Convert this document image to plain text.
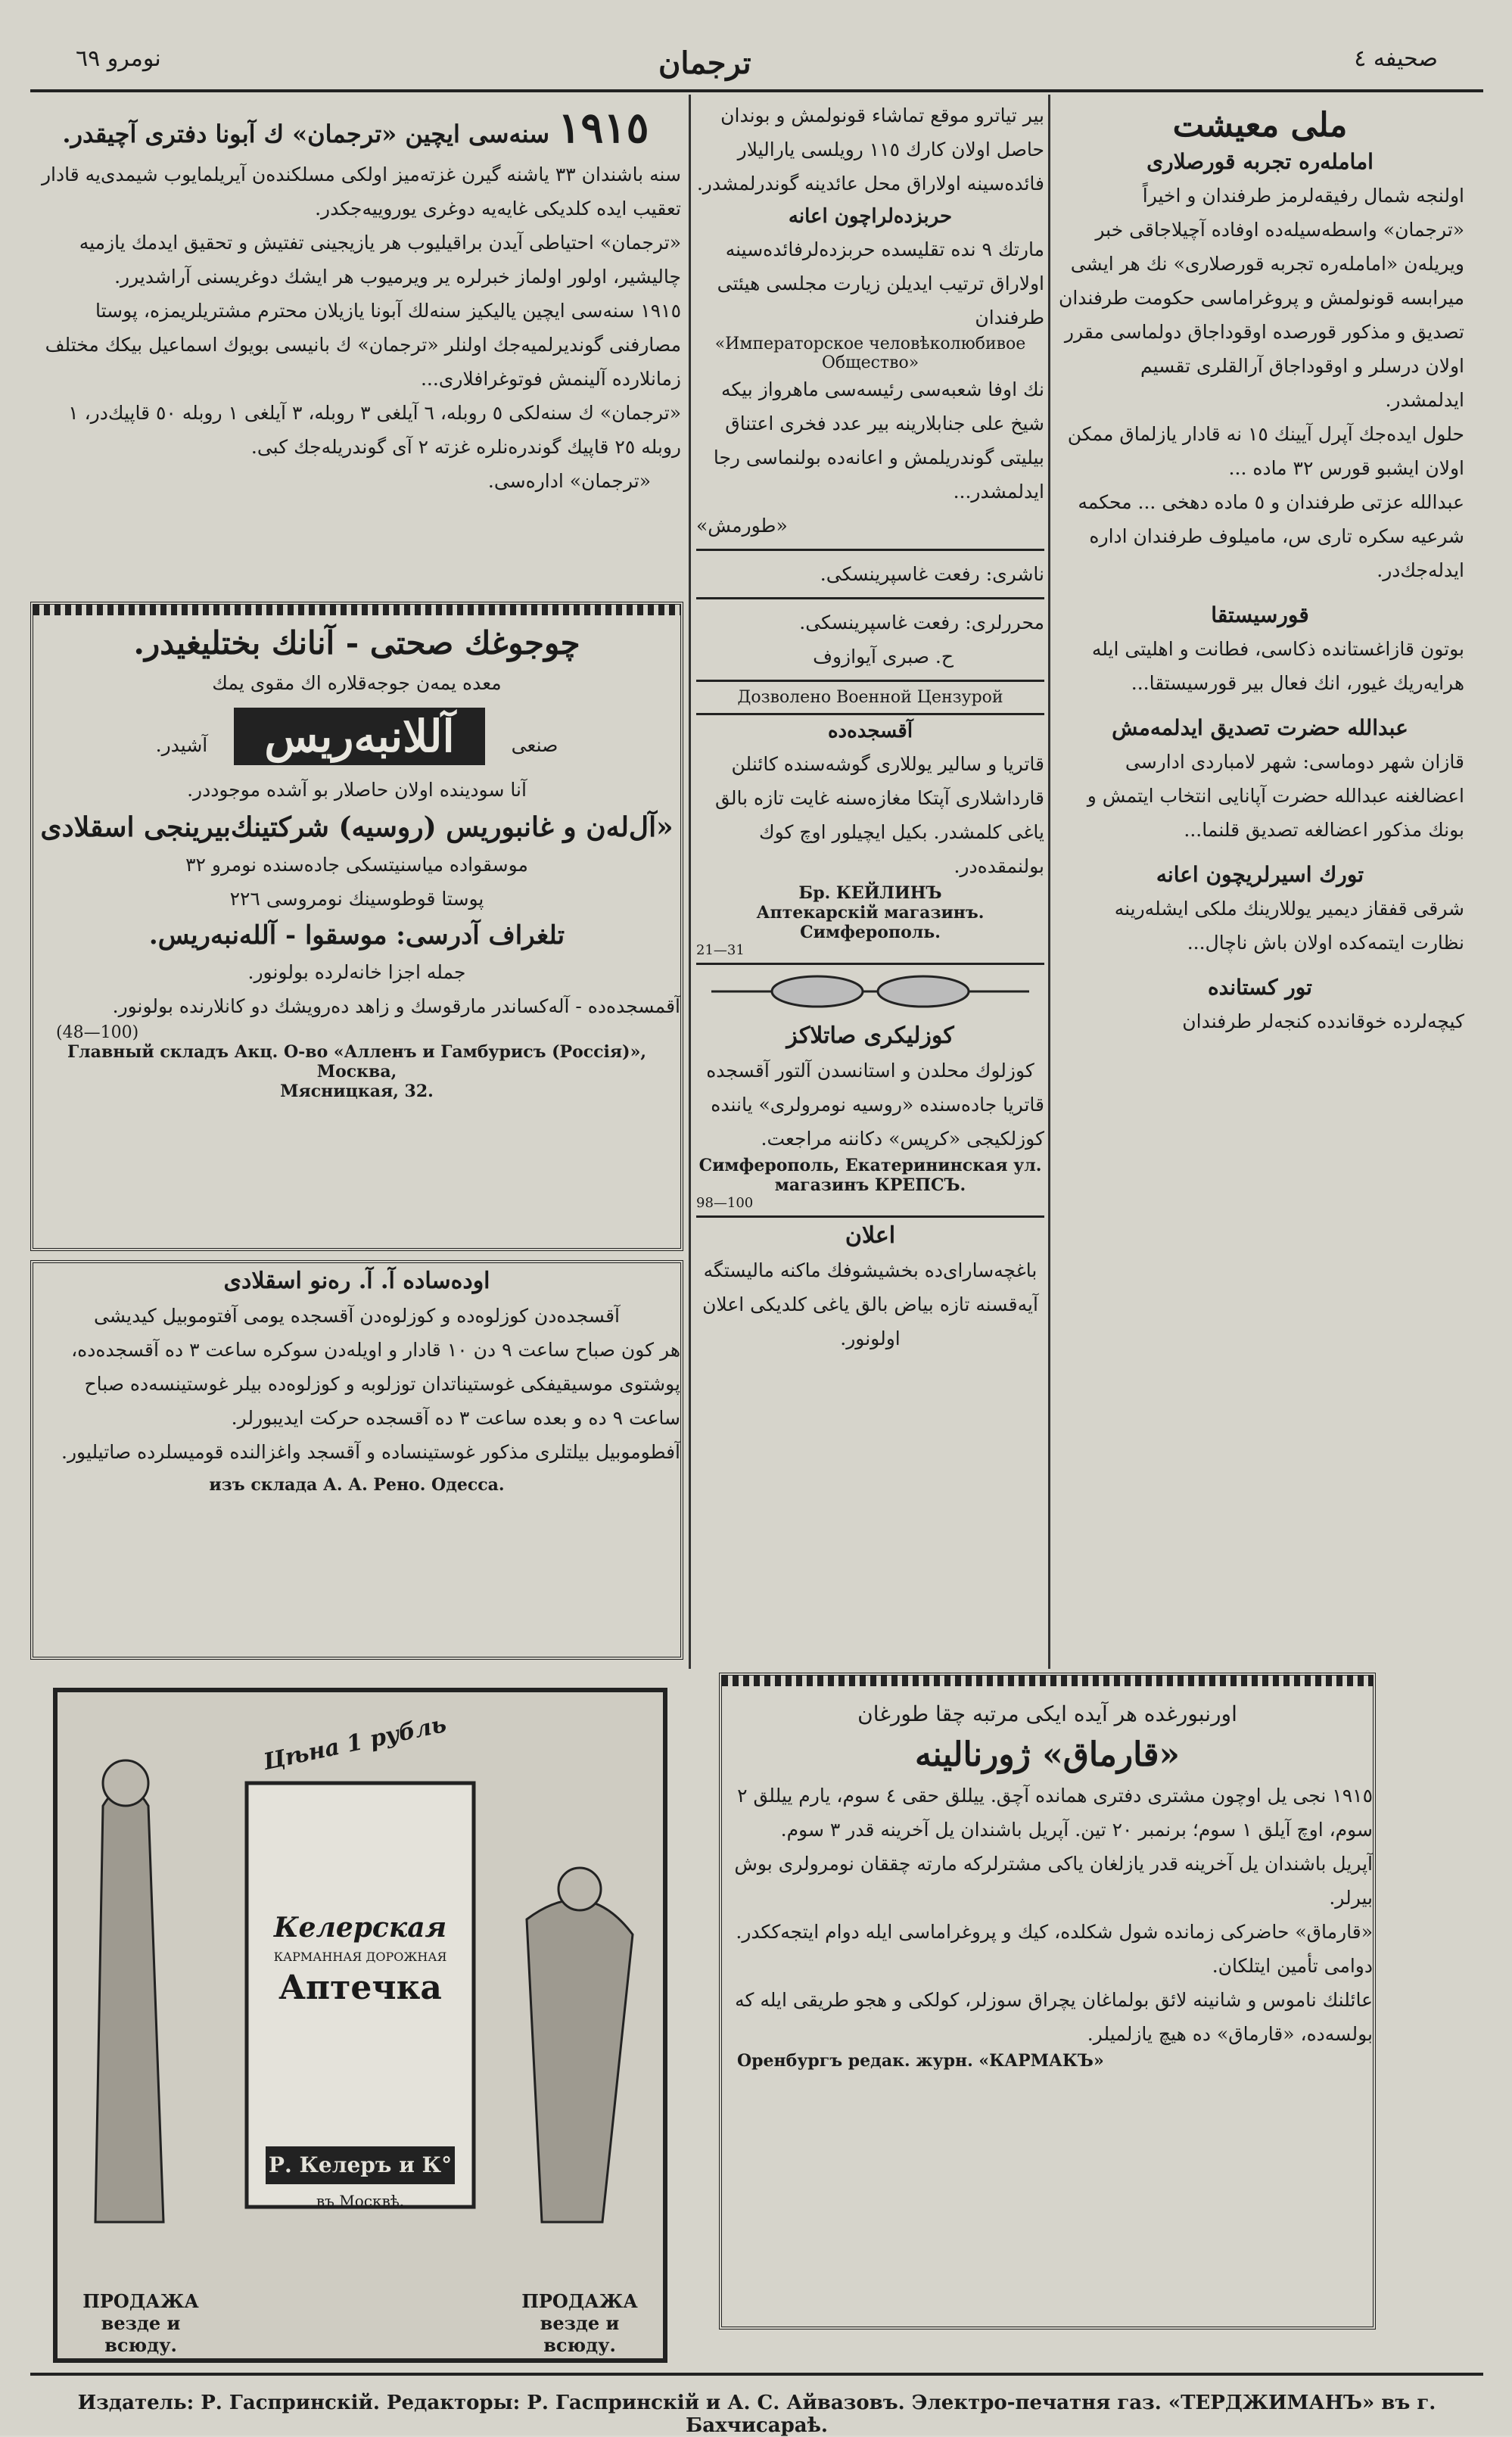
نومرو ٦٩	ترجمان	صحيفه ٤

ملی معیشت

امامله‌ره تجربه قورصلاری

اولنجه شمال رفیقه‌لرمز طرفندان و اخیراً «ترجمان» واسطه‌سیله‌ده اوفاده آچیلاجاقی خبر ویریله‌ن «امامله‌ره تجربه قورصلاری» نك هر ایشی میرابسه قونولمش و پروغراماسی حکومت طرفندان تصدیق و مذکور قورصده اوقوداجاق دولماسی مقرر اولان درسلر و اوقوداجاق آرالقلری تقسیم ایدلمشدر.

حلول ایده‌جك آپرل آیینك ١٥ نه قادار یازلماق ممکن اولان ایشبو قورس ٣٢ ماده ...

عبدالله عزتی طرفندان و ٥ ماده دهخی ... محکمه شرعیه سکره تاری س، مامیلوف طرفندان اداره ایدله‌جك‌در.

قورسیستقا

بوتون قازاغستانده ذکاسی، فطانت و اهلیتی ایله هرایه‌ریك غیور، انك فعال بیر قورسیستقا...

عبدالله حضرت تصدیق ایدلمه‌مش

قازان شهر دوماسی: شهر لامباردی ادارسی اعضالغنه عبدالله حضرت آپانایی انتخاب ایتمش و بونك مذکور اعضالغه تصدیق قلنما...

تورك اسیرلریچون اعانه

شرقی قفقاز دیمیر یوللارینك ملکی ایشله‌رینه نظارت ایتمه‌کده اولان باش ناچال...

تور کستانده

کیچه‌لرده خوقاندده کنجه‌لر طرفندان

بیر تیاترو موقع تماشاء قونولمش و بوندان حاصل اولان کارك ١١٥ رویلسی یارالیلار فائده‌سینه اولاراق محل عائدینه گوندرلمشدر.

حربزده‌لراچون اعانه

مارتك ٩ نده تقلیسده حربزده‌لرفائده‌سینه اولاراق ترتیب ایدیلن زیارت مجلسی هیئتی طرفندان

«Императорское человѣколюбивое Общество»

نك اوفا شعبه‌سی رئیسه‌سی ماهرواز بیکه شیخ علی جنابلارینه بیر عدد فخری اعتناق بیلیتی گوندریلمش و اعانه‌ده بولنماسی رجا ایدلمشدر...

«طورمش»

ناشری: رفعت غاسپرینسکی.

محررلری: رفعت غاسپرینسکی.

ح. صبری آیوازوف

Дозволено Военной Цензурой

آقسجده‌ده

قاتریا و سالیر یوللاری گوشه‌سنده کائنلن قارداشلاری آپتکا مغازه‌سنه غایت تازه بالق یاغی کلمشدر. بکیل ایچیلور اوچ کوك بولنمقده‌در.

Бр. КЕЙЛИНЪ

Аптекарскій магазинъ. Симферополь.

21—31

کوزلیکری صاتلاکز

کوزلوك محلدن و استانسدن آلتور آقسجده

قاتریا جاده‌سنده «روسیه نومرولری» یاننده کوزلکیجی «کرپس» دکاننه مراجعت.

Симферополь, Екатерининская ул. магазинъ КРЕПСЪ.

98—100

اعلان

باغچه‌سارای‌ده بخشیشوفك ماکنه مالیستگه آیه‌قسنه تازه بیاض بالق یاغی کلدیکی اعلان اولونور.

١٩١٥ سنه‌سی ایچین «ترجمان» ك آبونا دفتری آچیقدر.

سنه باشندان ٣٣ یاشنه گیرن غزته‌میز اولکی مسلکنده‌ن آیریلمایوب شیمدی‌یه قادار تعقیب ایده کلدیکی غایه‌یه دوغری یوروییه‌جکدر.

«ترجمان» احتیاطی آیدن براقیلیوب هر یازیجینی تفتیش و تحقیق ایدمك یازمیه چالیشیر، اولور اولماز خبرلره یر ویرمیوب هر ایشك دوغریسنی آراشدیرر.

١٩١٥ سنه‌سی ایچین یالیکیز سنه‌لك آبونا یازیلان محترم مشتریلریمزه، پوستا مصارفنی گوندیرلمیه‌جك اولنلر «ترجمان» ك بانیسی بویوك اسماعیل بیکك مختلف زمانلارده آلینمش فوتوغرافلاری...

«ترجمان» ك سنه‌لکی ٥ روبله، ٦ آیلغی ٣ روبله، ٣ آیلغی ١ روبله ٥٠ قاپیك‌در، ١ روبله ٢٥ قاپیك گوندره‌نلره غزته ٢ آی گوندریله‌جك کبی.

«ترجمان» اداره‌سی.

چوجوغك صحتی - آنانك بختلیغیدر.

معده یمه‌ن جوجه‌قلاره اك مقوی یمك

صنعی آللانبه‌ریس آشیدر.

آنا سودینده اولان حاصلار بو آشده موجوددر.

«آل‌له‌ن و غانبوریس (روسیه) شرکتینك‌بیرینجی اسقلادی

موسقواده میاسنیتسکی جاده‌سنده نومرو ٣٢

پوستا قوطوسینك نومروسی ٢٢٦

تلغراف آدرسی: موسقوا - آلله‌نبه‌ریس.

جمله اجزا خانه‌لرده بولونور.

آقمسجده‌ده - آله‌کساندر مارقوسك و زاهد ده‌رویشك دو کانلارنده بولونور.

(48—100)

Главный складъ Акц. О-во «Алленъ и Гамбурисъ (Россія)», Москва,

Мясницкая, 32.

اوده‌ساده آ. آ. ره‌نو اسقلادی

آقسجده‌دن کوزلوه‌ده و کوزلوه‌دن آقسجده یومی آفتوموبیل کیدیشی

هر کون صباح ساعت ٩ دن ١٠ قادار و اویله‌دن سوکره ساعت ٣ ده آقسجده‌ده، پوشتوی موسیقیفکی غوستیناتدان توزلوبه و کوزلوه‌ده بیلر غوستینسه‌ده صباح ساعت ٩ ده و بعده ساعت ٣ ده آقسجده حرکت ایدیبورلر.

آفطوموبیل بیلتلری مذکور غوستینساده و آقسجد واغزالنده قومیسلرده صاتیلیور.

изъ склада А. А. Рено. Одесса.

Цѣна 1 рубль
Келерская
КАРМАННАЯ ДОРОЖНАЯ
Аптечка
Р. Келеръ и К°
въ Москвѣ.
ПРОДАЖА везде и всюду.
ПРОДАЖА везде и всюду.

اورنبورغده هر آیده ایکی مرتبه چقا طورغان

«قارماق» ژورنالینه

١٩١٥ نجی یل اوچون مشتری دفتری همانده آچق. ییللق حقی ٤ سوم، یارم ییللق ٢ سوم، اوچ آیلق ١ سوم؛ برنمبر ٢٠ تین. آپریل باشندان یل آخرینه قدر ٣ سوم.

آپریل باشندان یل آخرینه قدر یازلغان یاکی مشترلرکه مارته چققان نومرولری بوش بیرلر.

«قارماق» حاضرکی زمانده شول شکلده، کیك و پروغراماسی ایله دوام ایتجه‌ککدر. دوامی تأمین ایتلکان.

عائلنك ناموس و شانینه لائق بولماغان یچراق سوزلر، کولکی و هجو طریقی ایله که بولسه‌ده، «قارماق» ده هیچ یازلمیلر.

Оренбургъ редак. журн. «КАРМАКЪ»

Издатель: Р. Гаспринскій. Редакторы: Р. Гаспринскій и А. С. Айвазовъ. Электро-печатня газ. «ТЕРДЖИМАНЪ» въ г. Бахчисараѣ.
